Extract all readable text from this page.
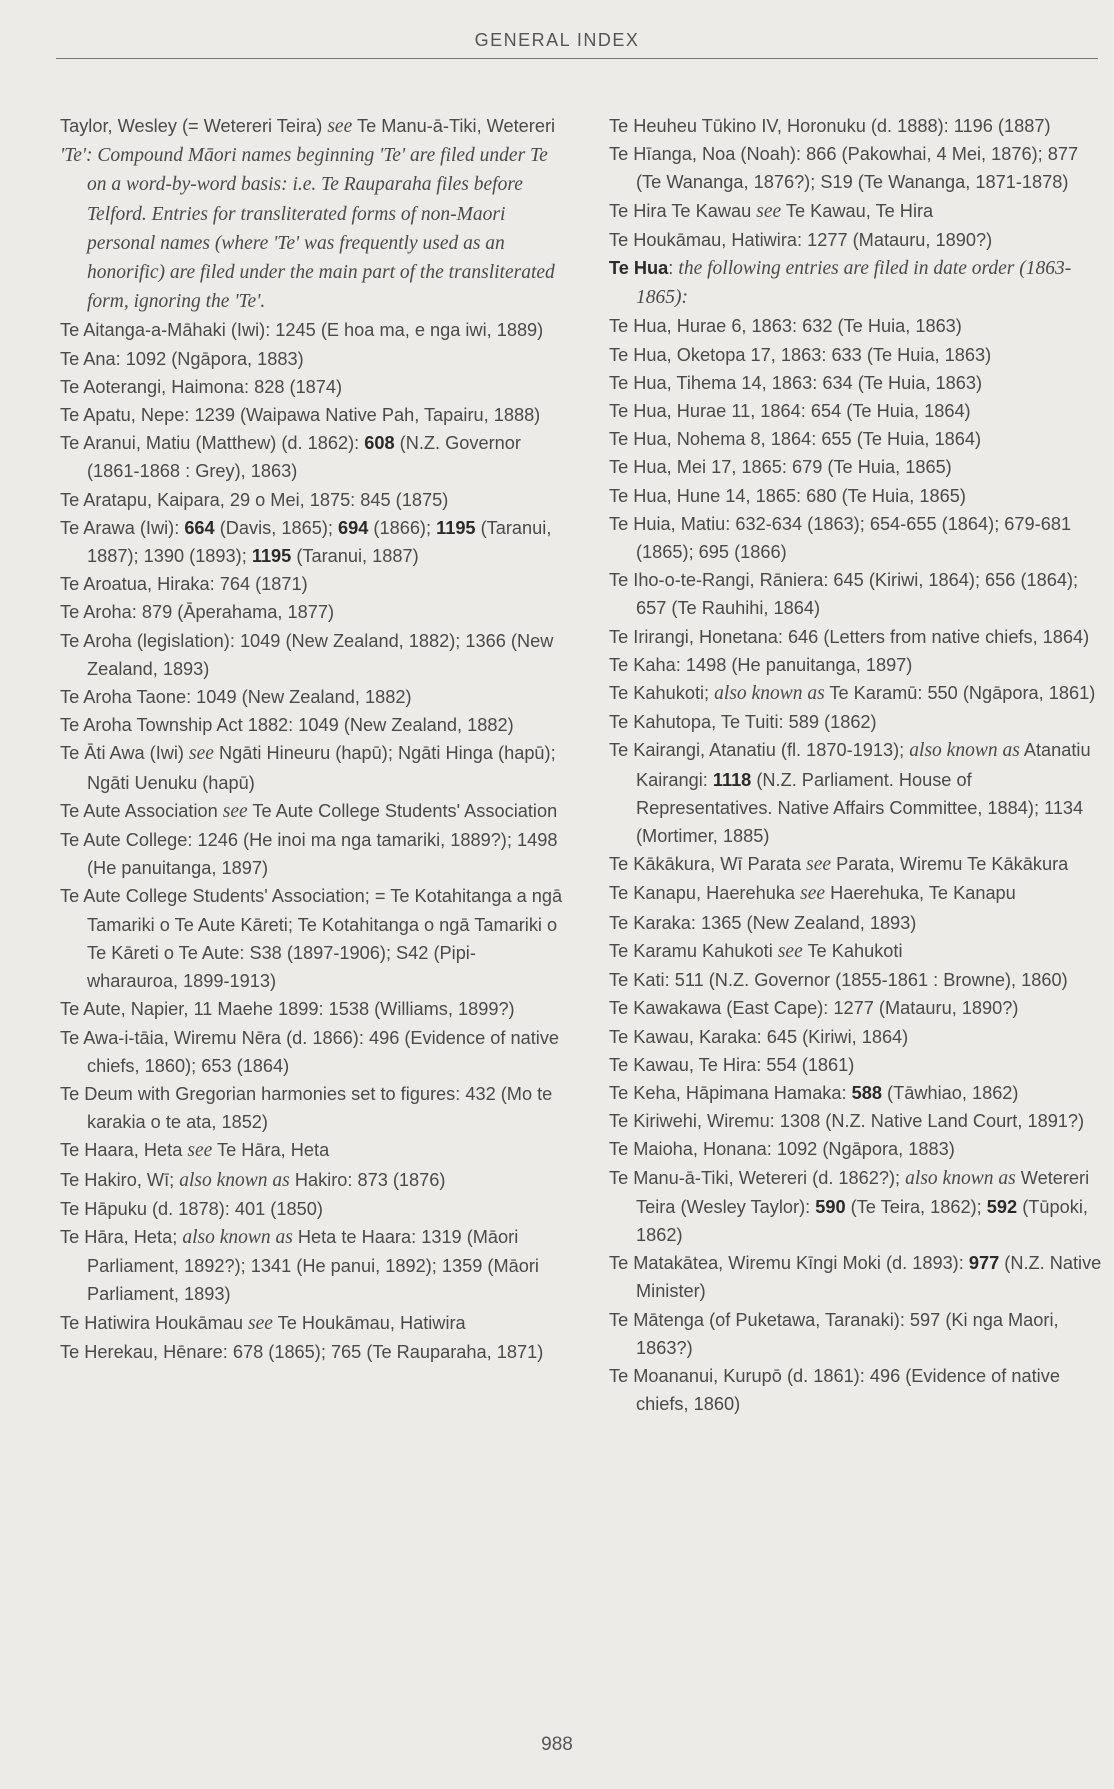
GENERAL INDEX
Taylor, Wesley (= Wetereri Teira) see Te Manu-ā-Tiki, Wetereri
'Te': Compound Māori names beginning 'Te' are filed under Te on a word-by-word basis: i.e. Te Rauparaha files before Telford. Entries for transliterated forms of non-Maori personal names (where 'Te' was frequently used as an honorific) are filed under the main part of the transliterated form, ignoring the 'Te'.
Te Aitanga-a-Māhaki (Iwi): 1245 (E hoa ma, e nga iwi, 1889)
Te Ana: 1092 (Ngāpora, 1883)
Te Aoterangi, Haimona: 828 (1874)
Te Apatu, Nepe: 1239 (Waipawa Native Pah, Tapairu, 1888)
Te Aranui, Matiu (Matthew) (d. 1862): 608 (N.Z. Governor (1861-1868 : Grey), 1863)
Te Aratapu, Kaipara, 29 o Mei, 1875: 845 (1875)
Te Arawa (Iwi): 664 (Davis, 1865); 694 (1866); 1195 (Taranui, 1887); 1390 (1893); 1195 (Taranui, 1887)
Te Aroatua, Hiraka: 764 (1871)
Te Aroha: 879 (Āperahama, 1877)
Te Aroha (legislation): 1049 (New Zealand, 1882); 1366 (New Zealand, 1893)
Te Aroha Taone: 1049 (New Zealand, 1882)
Te Aroha Township Act 1882: 1049 (New Zealand, 1882)
Te Āti Awa (Iwi) see Ngāti Hineuru (hapū); Ngāti Hinga (hapū); Ngāti Uenuku (hapū)
Te Aute Association see Te Aute College Students' Association
Te Aute College: 1246 (He inoi ma nga tamariki, 1889?); 1498 (He panuitanga, 1897)
Te Aute College Students' Association; = Te Kotahitanga a ngā Tamariki o Te Aute Kāreti; Te Kotahitanga o ngā Tamariki o Te Kāreti o Te Aute: S38 (1897-1906); S42 (Pipi-wharauroa, 1899-1913)
Te Aute, Napier, 11 Maehe 1899: 1538 (Williams, 1899?)
Te Awa-i-tāia, Wiremu Nēra (d. 1866): 496 (Evidence of native chiefs, 1860); 653 (1864)
Te Deum with Gregorian harmonies set to figures: 432 (Mo te karakia o te ata, 1852)
Te Haara, Heta see Te Hāra, Heta
Te Hakiro, Wī; also known as Hakiro: 873 (1876)
Te Hāpuku (d. 1878): 401 (1850)
Te Hāra, Heta; also known as Heta te Haara: 1319 (Māori Parliament, 1892?); 1341 (He panui, 1892); 1359 (Māori Parliament, 1893)
Te Hatiwira Houkāmau see Te Houkāmau, Hatiwira
Te Herekau, Hēnare: 678 (1865); 765 (Te Rauparaha, 1871)
Te Heuheu Tūkino IV, Horonuku (d. 1888): 1196 (1887)
Te Hīanga, Noa (Noah): 866 (Pakowhai, 4 Mei, 1876); 877 (Te Wananga, 1876?); S19 (Te Wananga, 1871-1878)
Te Hira Te Kawau see Te Kawau, Te Hira
Te Houkāmau, Hatiwira: 1277 (Matauru, 1890?)
Te Hua: the following entries are filed in date order (1863-1865):
Te Hua, Hurae 6, 1863: 632 (Te Huia, 1863)
Te Hua, Oketopa 17, 1863: 633 (Te Huia, 1863)
Te Hua, Tihema 14, 1863: 634 (Te Huia, 1863)
Te Hua, Hurae 11, 1864: 654 (Te Huia, 1864)
Te Hua, Nohema 8, 1864: 655 (Te Huia, 1864)
Te Hua, Mei 17, 1865: 679 (Te Huia, 1865)
Te Hua, Hune 14, 1865: 680 (Te Huia, 1865)
Te Huia, Matiu: 632-634 (1863); 654-655 (1864); 679-681 (1865); 695 (1866)
Te Iho-o-te-Rangi, Rāniera: 645 (Kiriwi, 1864); 656 (1864); 657 (Te Rauhihi, 1864)
Te Irirangi, Honetana: 646 (Letters from native chiefs, 1864)
Te Kaha: 1498 (He panuitanga, 1897)
Te Kahukoti; also known as Te Karamū: 550 (Ngāpora, 1861)
Te Kahutopa, Te Tuiti: 589 (1862)
Te Kairangi, Atanatiu (fl. 1870-1913); also known as Atanatiu Kairangi: 1118 (N.Z. Parliament. House of Representatives. Native Affairs Committee, 1884); 1134 (Mortimer, 1885)
Te Kākākura, Wī Parata see Parata, Wiremu Te Kākākura
Te Kanapu, Haerehuka see Haerehuka, Te Kanapu
Te Karaka: 1365 (New Zealand, 1893)
Te Karamu Kahukoti see Te Kahukoti
Te Kati: 511 (N.Z. Governor (1855-1861 : Browne), 1860)
Te Kawakawa (East Cape): 1277 (Matauru, 1890?)
Te Kawau, Karaka: 645 (Kiriwi, 1864)
Te Kawau, Te Hira: 554 (1861)
Te Keha, Hāpimana Hamaka: 588 (Tāwhiao, 1862)
Te Kiriwehi, Wiremu: 1308 (N.Z. Native Land Court, 1891?)
Te Maioha, Honana: 1092 (Ngāpora, 1883)
Te Manu-ā-Tiki, Wetereri (d. 1862?); also known as Wetereri Teira (Wesley Taylor): 590 (Te Teira, 1862); 592 (Tūpoki, 1862)
Te Matakātea, Wiremu Kīngi Moki (d. 1893): 977 (N.Z. Native Minister)
Te Mātenga (of Puketawa, Taranaki): 597 (Ki nga Maori, 1863?)
Te Moananui, Kurupō (d. 1861): 496 (Evidence of native chiefs, 1860)
988
